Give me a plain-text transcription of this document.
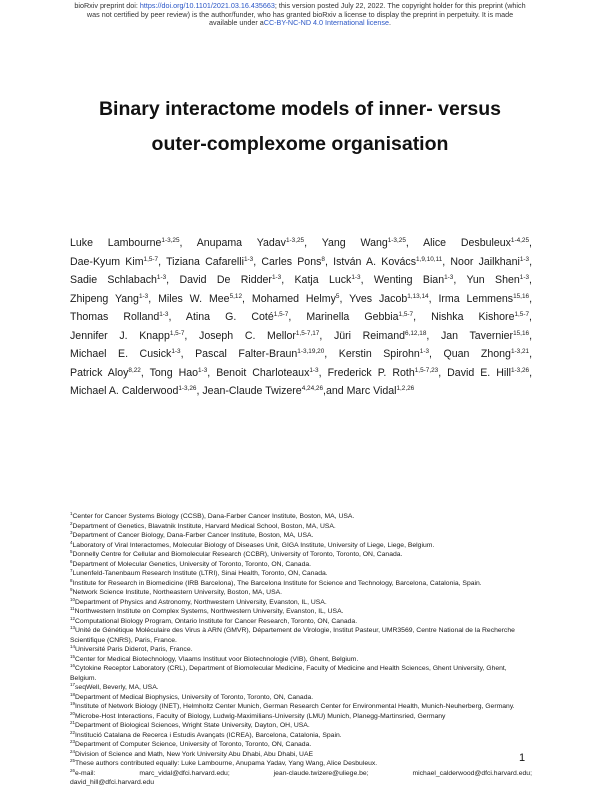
bioRxiv preprint doi: https://doi.org/10.1101/2021.03.16.435663; this version posted July 22, 2022. The copyright holder for this preprint (which
was not certified by peer review) is the author/funder, who has granted bioRxiv a license to display the preprint in perpetuity. It is made
available under aCC-BY-NC-ND 4.0 International license.
Binary interactome models of inner- versus
outer-complexome organisation
Luke Lambourne$^{1-3,25}$, Anupama Yadav$^{1-3,25}$, Yang Wang$^{1-3,25}$, Alice Desbuleux$^{1-4,25}$, Dae-Kyum Kim$^{1,5-7}$, Tiziana Cafarelli$^{1-3}$, Carles Pons$^8$, István A. Kovács$^{1,9,10,11}$, Noor Jailkhani$^{1-3}$, Sadie Schlabach$^{1-3}$, David De Ridder$^{1-3}$, Katja Luck$^{1-3}$, Wenting Bian$^{1-3}$, Yun Shen$^{1-3}$, Zhipeng Yang$^{1-3}$, Miles W. Mee$^{5,12}$, Mohamed Helmy$^5$, Yves Jacob$^{1,13,14}$, Irma Lemmens$^{15,16}$, Thomas Rolland$^{1-3}$, Atina G. Coté$^{1,5-7}$, Marinella Gebbia$^{1,5-7}$, Nishka Kishore$^{1,5-7}$, Jennifer J. Knapp$^{1,5-7}$, Joseph C. Mellor$^{1,5-7,17}$, Jüri Reimand$^{6,12,18}$, Jan Tavernier$^{15,16}$, Michael E. Cusick$^{1-3}$, Pascal Falter-Braun$^{1-3,19,20}$, Kerstin Spirohn$^{1-3}$, Quan Zhong$^{1-3,21}$, Patrick Aloy$^{8,22}$, Tong Hao$^{1-3}$, Benoit Charloteaux$^{1-3}$, Frederick P. Roth$^{1,5-7,23}$, David E. Hill$^{1-3,26}$, Michael A. Calderwood$^{1-3,26}$, Jean-Claude Twizere$^{4,24,26}$,and Marc Vidal$^{1,2,26}$
$^1$Center for Cancer Systems Biology (CCSB), Dana-Farber Cancer Institute, Boston, MA, USA.
$^2$Department of Genetics, Blavatnik Institute, Harvard Medical School, Boston, MA, USA.
$^3$Department of Cancer Biology, Dana-Farber Cancer Institute, Boston, MA, USA.
$^4$Laboratory of Viral Interactomes, Molecular Biology of Diseases Unit, GIGA Institute, University of Liege, Liege, Belgium.
$^5$Donnelly Centre for Cellular and Biomolecular Research (CCBR), University of Toronto, Toronto, ON, Canada.
$^6$Department of Molecular Genetics, University of Toronto, Toronto, ON, Canada.
$^7$Lunenfeld-Tanenbaum Research Institute (LTRI), Sinai Health, Toronto, ON, Canada.
$^8$Institute for Research in Biomedicine (IRB Barcelona), The Barcelona Institute for Science and Technology, Barcelona, Catalonia, Spain.
$^9$Network Science Institute, Northeastern University, Boston, MA, USA.
$^{10}$Department of Physics and Astronomy, Northwestern University, Evanston, IL, USA.
$^{11}$Northwestern Institute on Complex Systems, Northwestern University, Evanston, IL, USA.
$^{12}$Computational Biology Program, Ontario Institute for Cancer Research, Toronto, ON, Canada.
$^{13}$Unité de Génétique Moléculaire des Virus à ARN (GMVR), Département de Virologie, Institut Pasteur, UMR3569, Centre National de la Recherche Scientifique (CNRS), Paris, France.
$^{14}$Université Paris Diderot, Paris, France.
$^{15}$Center for Medical Biotechnology, Vlaams Instituut voor Biotechnologie (VIB), Ghent, Belgium.
$^{16}$Cytokine Receptor Laboratory (CRL), Department of Biomolecular Medicine, Faculty of Medicine and Health Sciences, Ghent University, Ghent, Belgium.
$^{17}$seqWell, Beverly, MA, USA.
$^{18}$Department of Medical Biophysics, University of Toronto, Toronto, ON, Canada.
$^{19}$Institute of Network Biology (INET), Helmholtz Center Munich, German Research Center for Environmental Health, Munich-Neuherberg, Germany.
$^{20}$Microbe-Host Interactions, Faculty of Biology, Ludwig-Maximilians-University (LMU) Munich, Planegg-Martinsried, Germany
$^{21}$Department of Biological Sciences, Wright State University, Dayton, OH, USA.
$^{22}$Institució Catalana de Recerca i Estudis Avançats (ICREA), Barcelona, Catalonia, Spain.
$^{23}$Department of Computer Science, University of Toronto, Toronto, ON, Canada.
$^{24}$Division of Science and Math, New York University Abu Dhabi, Abu Dhabi, UAE
$^{25}$These authors contributed equally: Luke Lambourne, Anupama Yadav, Yang Wang, Alice Desbuleux.
$^{26}$e-mail:	marc_vidal@dfci.harvard.edu;	jean-claude.twizere@uliege.be;	michael_calderwood@dfci.harvard.edu;
david_hill@dfci.harvard.edu
1
